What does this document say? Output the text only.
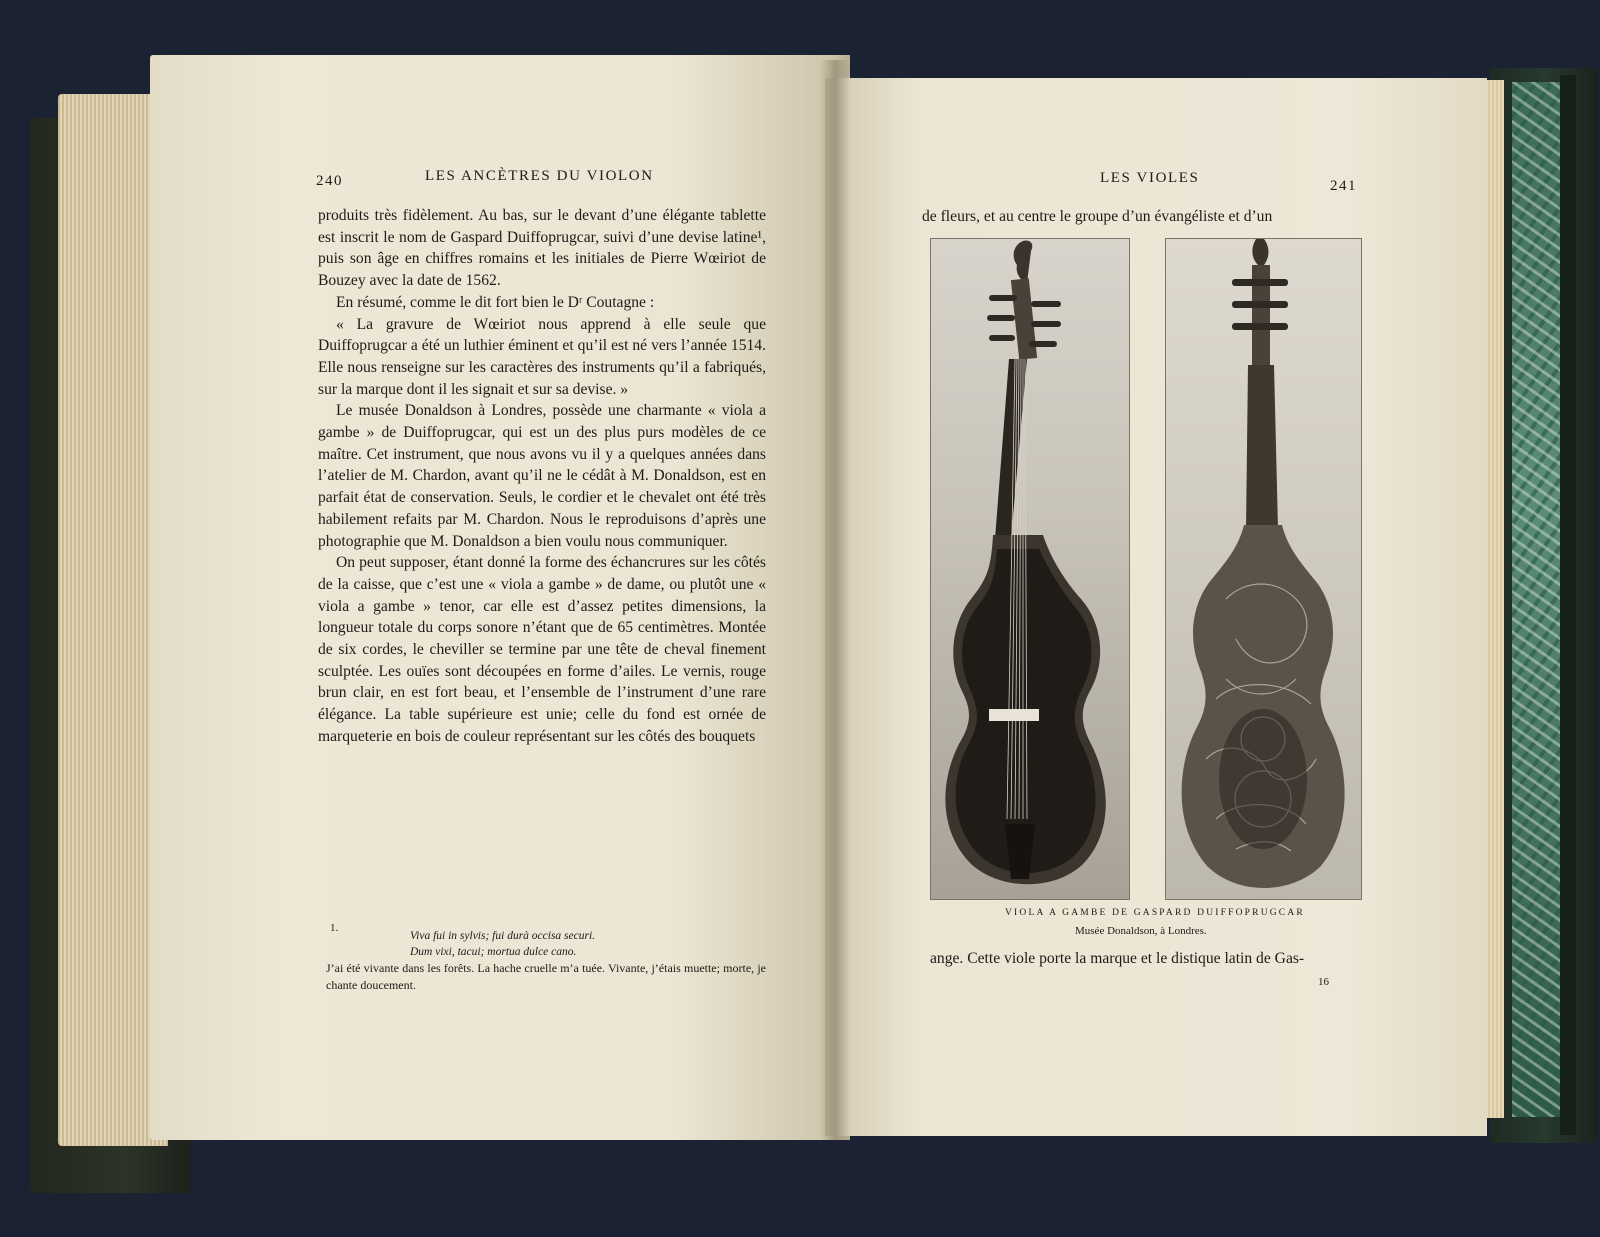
240	LES ANCÈTRES DU VIOLON

produits très fidèlement. Au bas, sur le devant d’une élégante tablette est inscrit le nom de Gaspard Duiffoprugcar, suivi d’une devise latine¹, puis son âge en chiffres romains et les initiales de Pierre Wœiriot de Bouzey avec la date de 1562.

En résumé, comme le dit fort bien le Dʳ Coutagne :

« La gravure de Wœiriot nous apprend à elle seule que Duiffoprugcar a été un luthier éminent et qu’il est né vers l’année 1514. Elle nous renseigne sur les caractères des instruments qu’il a fabriqués, sur la marque dont il les signait et sur sa devise. »

Le musée Donaldson à Londres, possède une charmante « viola a gambe » de Duiffoprugcar, qui est un des plus purs modèles de ce maître. Cet instrument, que nous avons vu il y a quelques années dans l’atelier de M. Chardon, avant qu’il ne le cédât à M. Donaldson, est en parfait état de conservation. Seuls, le cordier et le chevalet ont été très habilement refaits par M. Chardon. Nous le reproduisons d’après une photographie que M. Donaldson a bien voulu nous communiquer.

On peut supposer, étant donné la forme des échancrures sur les côtés de la caisse, que c’est une « viola a gambe » de dame, ou plutôt une « viola a gambe » tenor, car elle est d’assez petites dimensions, la longueur totale du corps sonore n’étant que de 65 centimètres. Montée de six cordes, le cheviller se termine par une tête de cheval finement sculptée. Les ouïes sont découpées en forme d’ailes. Le vernis, rouge brun clair, en est fort beau, et l’ensemble de l’instrument d’une rare élégance. La table supérieure est unie; celle du fond est ornée de marqueterie en bois de couleur représentant sur les côtés des bouquets

1.
Viva fui in sylvis; fui durà occisa securi.
Dum vixi, tacui; mortua dulce cano.
J’ai été vivante dans les forêts. La hache cruelle m’a tuée. Vivante, j’étais muette; morte, je chante doucement.
LES VIOLES	241
de fleurs, et au centre le groupe d’un évangéliste et d’un
VIOLA A GAMBE DE GASPARD DUIFFOPRUGCAR
Musée Donaldson, à Londres.
ange. Cette viole porte la marque et le distique latin de Gas-
16
